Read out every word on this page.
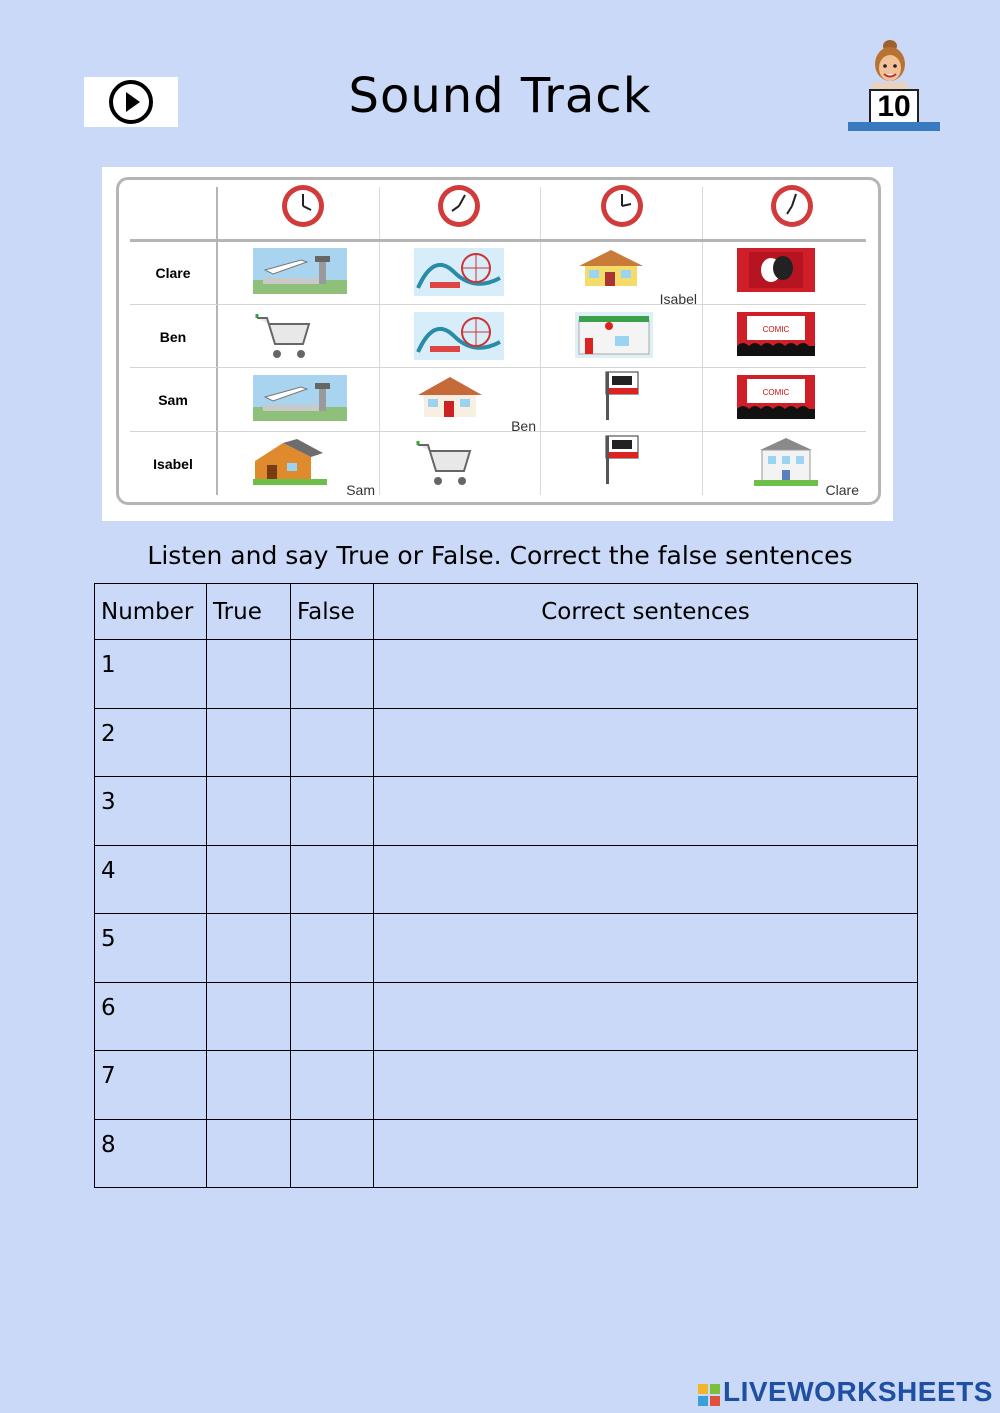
Sound Track	10
Clare
Ben
Sam
Isabel
Isabel
COMIC
Ben
COMIC
Sam	Clare
Listen and say True or False. Correct the false sentences
Number	True	False	Correct sentences
1			
2			
3			
4			
5			
6			
7			
8			
LIVEWORKSHEETS
